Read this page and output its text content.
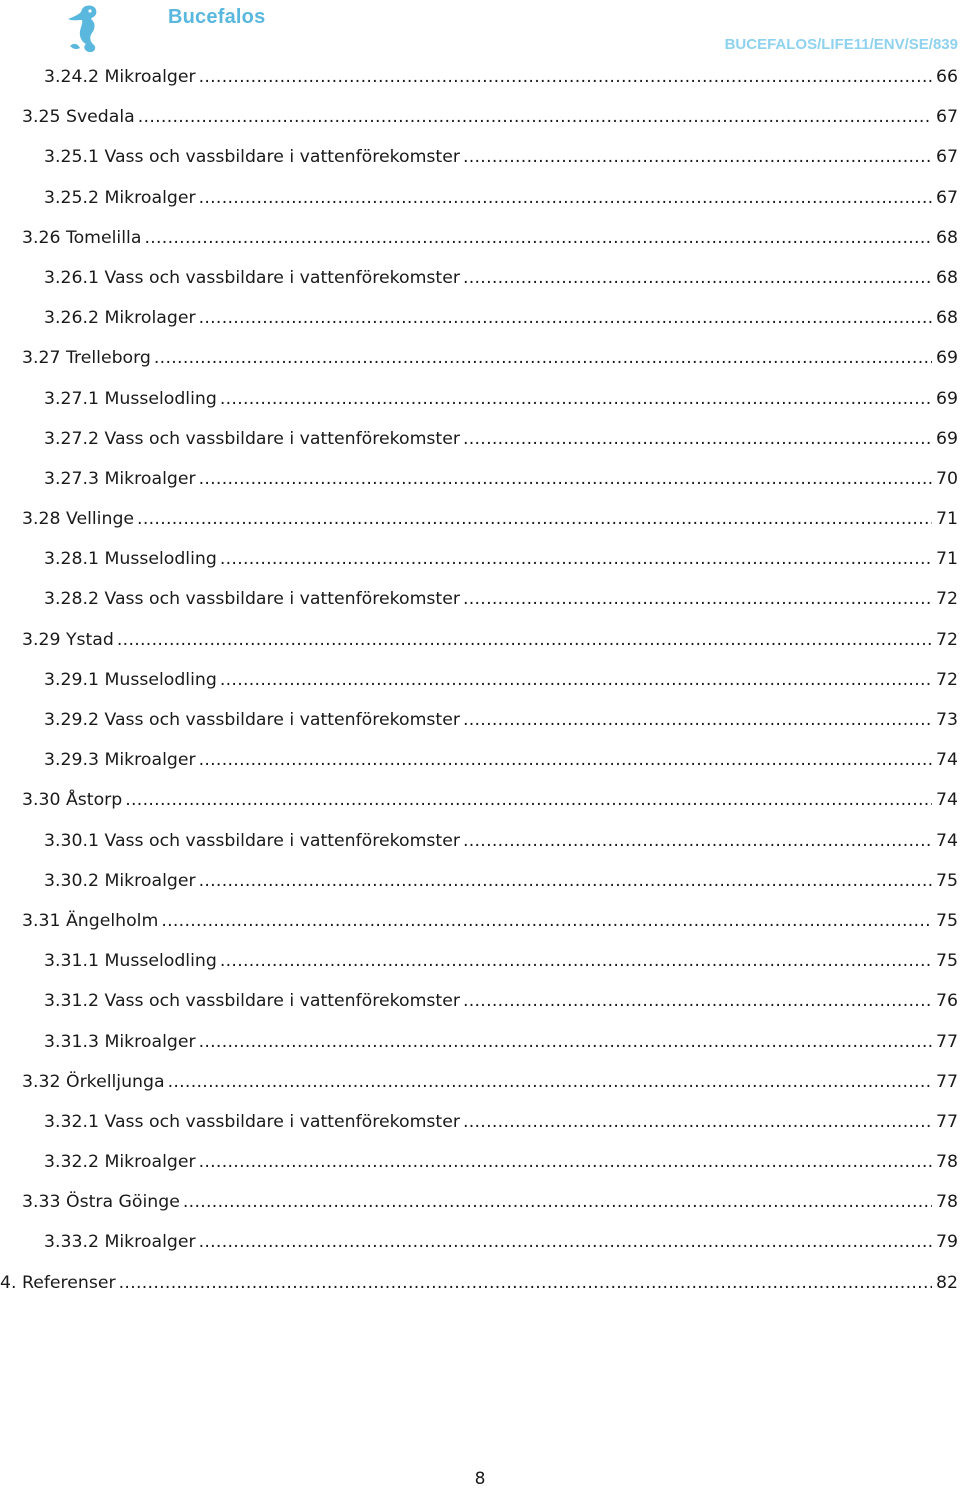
Bucefalos
BUCEFALOS/LIFE11/ENV/SE/839
3.24.2 Mikroalger . . .	66
3.25 Svedala . . .	67
3.25.1 Vass och vassbildare i vattenförekomster . . .	67
3.25.2 Mikroalger . . .	67
3.26 Tomelilla . . .	68
3.26.1 Vass och vassbildare i vattenförekomster . . .	68
3.26.2 Mikrolager . . .	68
3.27 Trelleborg . . .	69
3.27.1 Musselodling . . .	69
3.27.2 Vass och vassbildare i vattenförekomster . . .	69
3.27.3 Mikroalger . . .	70
3.28 Vellinge . . .	71
3.28.1 Musselodling . . .	71
3.28.2 Vass och vassbildare i vattenförekomster . . .	72
3.29 Ystad . . .	72
3.29.1 Musselodling . . .	72
3.29.2 Vass och vassbildare i vattenförekomster . . .	73
3.29.3 Mikroalger . . .	74
3.30 Åstorp . . .	74
3.30.1 Vass och vassbildare i vattenförekomster . . .	74
3.30.2 Mikroalger . . .	75
3.31 Ängelholm . . .	75
3.31.1 Musselodling . . .	75
3.31.2 Vass och vassbildare i vattenförekomster . . .	76
3.31.3 Mikroalger . . .	77
3.32 Örkelljunga . . .	77
3.32.1 Vass och vassbildare i vattenförekomster . . .	77
3.32.2 Mikroalger . . .	78
3.33 Östra Göinge . . .	78
3.33.2 Mikroalger . . .	79
4. Referenser . . .	82
8
